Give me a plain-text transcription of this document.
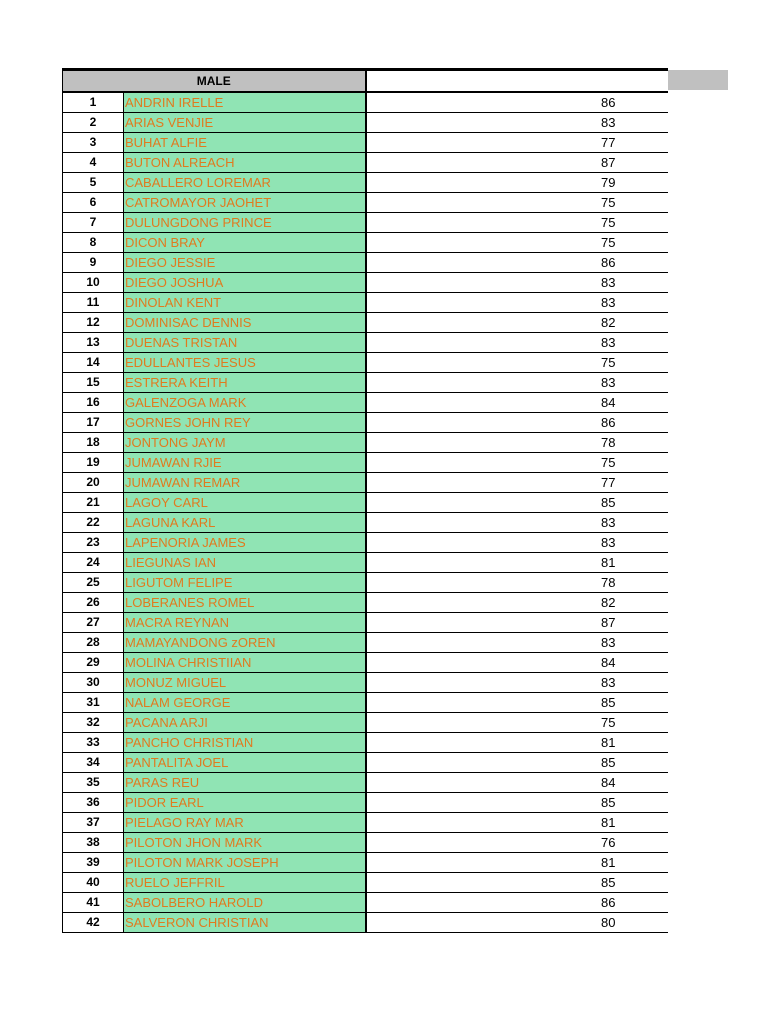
MALE		
1	ANDRIN IRELLE	86
2	ARIAS VENJIE	83
3	BUHAT ALFIE	77
4	BUTON ALREACH	87
5	CABALLERO LOREMAR	79
6	CATROMAYOR JAOHET	75
7	DULUNGDONG PRINCE	75
8	DICON BRAY	75
9	DIEGO JESSIE	86
10	DIEGO JOSHUA	83
11	DINOLAN KENT	83
12	DOMINISAC DENNIS	82
13	DUENAS TRISTAN	83
14	EDULLANTES JESUS	75
15	ESTRERA KEITH	83
16	GALENZOGA MARK	84
17	GORNES JOHN REY	86
18	JONTONG JAYM	78
19	JUMAWAN RJIE	75
20	JUMAWAN REMAR	77
21	LAGOY CARL	85
22	LAGUNA KARL	83
23	LAPENORIA JAMES	83
24	LIEGUNAS IAN	81
25	LIGUTOM FELIPE	78
26	LOBERANES ROMEL	82
27	MACRA REYNAN	87
28	MAMAYANDONG zOREN	83
29	MOLINA CHRISTIIAN	84
30	MONUZ MIGUEL	83
31	NALAM GEORGE	85
32	PACANA ARJI	75
33	PANCHO CHRISTIAN	81
34	PANTALITA JOEL	85
35	PARAS REU	84
36	PIDOR EARL	85
37	PIELAGO RAY MAR	81
38	PILOTON JHON MARK	76
39	PILOTON MARK JOSEPH	81
40	RUELO JEFFRIL	85
41	SABOLBERO HAROLD	86
42	SALVERON CHRISTIAN	80
